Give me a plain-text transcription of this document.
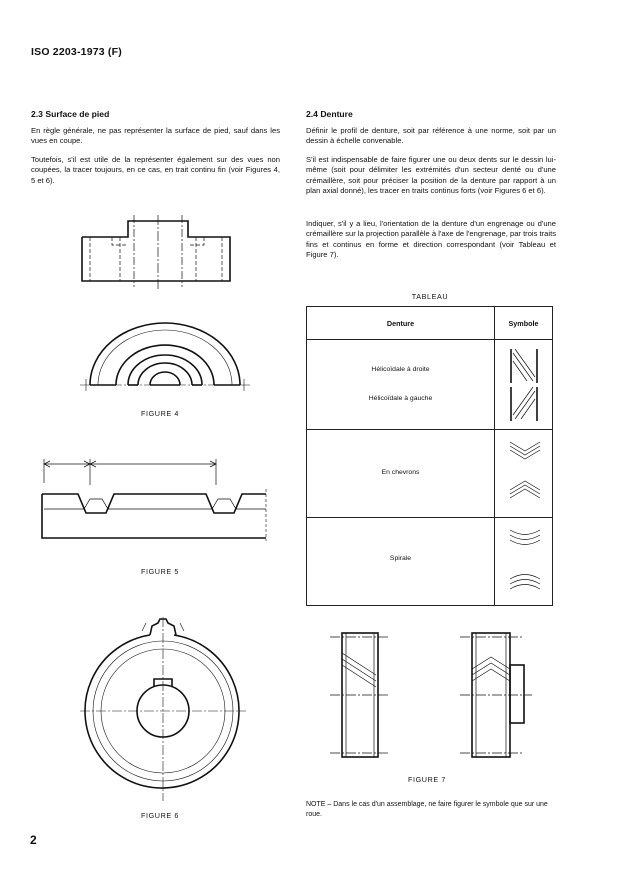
ISO 2203-1973 (F)
2.3 Surface de pied
En règle générale, ne pas représenter la surface de pied, sauf dans les vues en coupe.
Toutefois, s'il est utile de la représenter également sur des vues non coupées, la tracer toujours, en ce cas, en trait continu fin (voir Figures 4, 5 et 6).
FIGURE 4
FIGURE 5
FIGURE 6
2.4 Denture
Définir le profil de denture, soit par référence à une norme, soit par un dessin à échelle convenable.
S'il est indispensable de faire figurer une ou deux dents sur le dessin lui-même (soit pour délimiter les extrémités d'un secteur denté ou d'une crémaillère, soit pour préciser la position de la denture par rapport à un plan axial donné), les tracer en traits continus forts (voir Figures 6 et 6).
Indiquer, s'il y a lieu, l'orientation de la denture d'un engrenage ou d'une crémaillère sur la projection parallèle à l'axe de l'engrenage, par trois traits fins et continus en forme et direction correspondant (voir Tableau et Figure 7).
TABLEAU
Denture	Symbole
Hélicoïdale à droite
Hélicoïdale à gauche
En chevrons
Spirale
FIGURE 7
NOTE – Dans le cas d'un assemblage, ne faire figurer le symbole que sur une roue.
2
